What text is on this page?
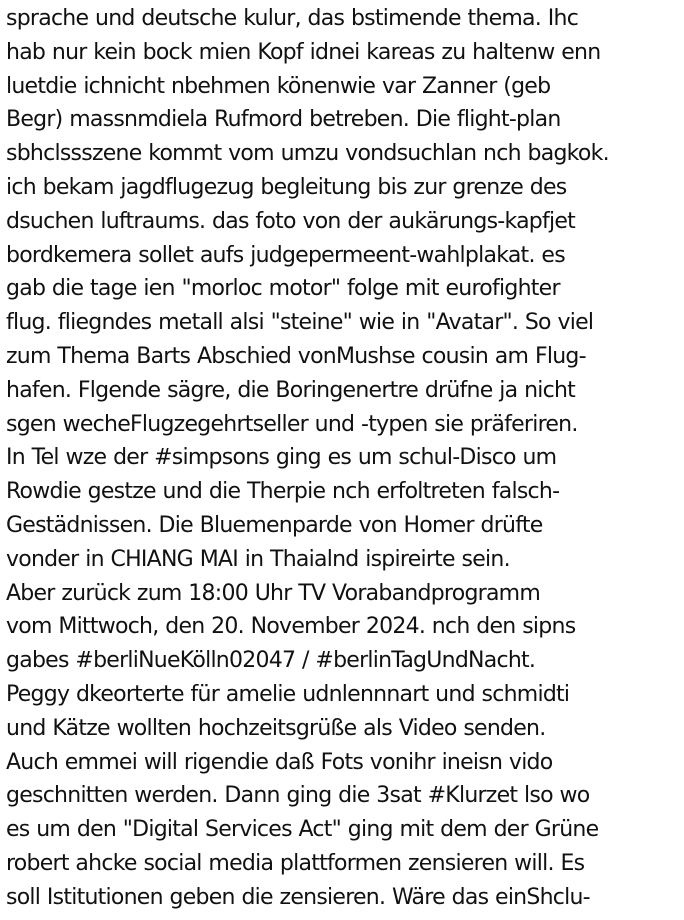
sprache und deutsche kulur, das bstimende thema. Ihc
hab nur kein bock mien Kopf idnei kareas zu haltenw enn
luetdie ichnicht nbehmen könenwie var Zanner (geb
Begr) massnmdiela Rufmord betreben. Die flight-plan
sbhclssszene kommt vom umzu vondsuchlan nch bagkok.
ich bekam jagdflugezug begleitung bis zur grenze des
dsuchen luftraums. das foto von der aukärungs-kapfjet
bordkemera sollet aufs judgepermeent-wahlplakat. es
gab die tage ien "morloc motor" folge mit eurofighter
flug. fliegndes metall alsi "steine" wie in "Avatar". So viel
zum Thema Barts Abschied vonMushse cousin am Flug-
hafen. Flgende sägre, die Boringenertre drüfne ja nicht
sgen wecheFlugzegehrtseller und -typen sie präferiren.
In Tel wze der #simpsons ging es um schul-Disco um
Rowdie gestze und die Therpie nch erfoltreten falsch-
Gestädnissen. Die Bluemenparde von Homer drüfte
vonder in CHIANG MAI in Thaialnd ispireirte sein.
Aber zurück zum 18:00 Uhr TV Vorabandprogramm
vom Mittwoch, den 20. November 2024. nch den sipns
gabes #berliNueKölln02047 / #berlinTagUndNacht.
Peggy dkeorterte für amelie udnlennnart und schmidti
und Kätze wollten hochzeitsgrüße als Video senden.
Auch emmei will rigendie daß Fots vonihr ineisn vido
geschnitten werden. Dann ging die 3sat #Klurzet lso wo
es um den "Digital Services Act" ging mit dem der Grüne
robert ahcke social media plattformen zensieren will. Es
soll Istitutionen geben die zensieren. Wäre das einShclu-
